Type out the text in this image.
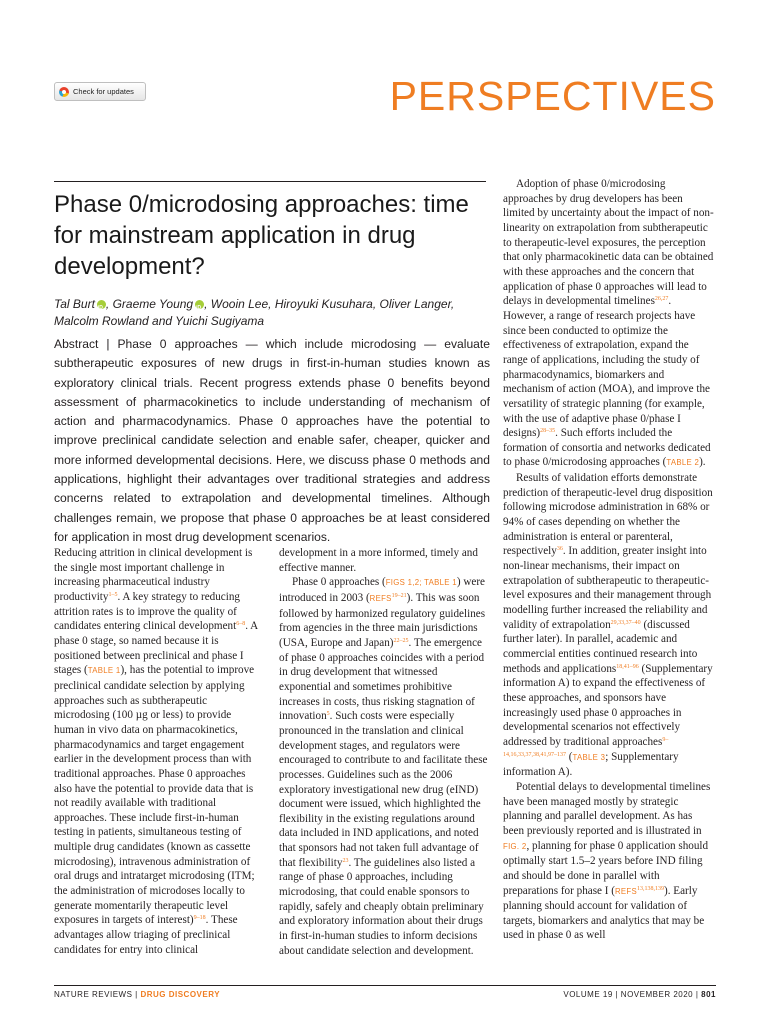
Check for updates	PERSPECTIVES
Phase 0/microdosing approaches: time for mainstream application in drug development?
Tal Burt iD , Graeme Young iD , Wooin Lee, Hiroyuki Kusuhara, Oliver Langer, Malcolm Rowland and Yuichi Sugiyama
Abstract | Phase 0 approaches — which include microdosing — evaluate subtherapeutic exposures of new drugs in first-in-human studies known as exploratory clinical trials. Recent progress extends phase 0 benefits beyond assessment of pharmacokinetics to include understanding of mechanism of action and pharmacodynamics. Phase 0 approaches have the potential to improve preclinical candidate selection and enable safer, cheaper, quicker and more informed developmental decisions. Here, we discuss phase 0 methods and applications, highlight their advantages over traditional strategies and address concerns related to extrapolation and developmental timelines. Although challenges remain, we propose that phase 0 approaches be at least considered for application in most drug development scenarios.

Reducing attrition in clinical development is the single most important challenge in increasing pharmaceutical industry productivity$^{1-5}$. A key strategy to reducing attrition rates is to improve the quality of candidates entering clinical development$^{6-8}$. A phase 0 stage, so named because it is positioned between preclinical and phase I stages (TABLE 1), has the potential to improve preclinical candidate selection by applying approaches such as subtherapeutic microdosing (100 µg or less) to provide human in vivo data on pharmacokinetics, pharmacodynamics and target engagement earlier in the development process than with traditional approaches. Phase 0 approaches also have the potential to provide data that is not readily available with traditional approaches. These include first-in-human testing in patients, simultaneous testing of multiple drug candidates (known as cassette microdosing), intravenous administration of oral drugs and intratarget microdosing (ITM; the administration of microdoses locally to generate momentarily therapeutic level exposures in targets of interest)$^{9-18}$. These advantages allow triaging of preclinical candidates for entry into clinical

development in a more informed, timely and effective manner.

Phase 0 approaches (FIGS 1,2; TABLE 1) were introduced in 2003 (REFS$^{19-21}$). This was soon followed by harmonized regulatory guidelines from agencies in the three main jurisdictions (USA, Europe and Japan)$^{22-25}$. The emergence of phase 0 approaches coincides with a period in drug development that witnessed exponential and sometimes prohibitive increases in costs, thus risking stagnation of innovation$^5$. Such costs were especially pronounced in the translation and clinical development stages, and regulators were encouraged to contribute to and facilitate these processes. Guidelines such as the 2006 exploratory investigational new drug (eIND) document were issued, which highlighted the flexibility in the existing regulations around data included in IND applications, and noted that sponsors had not taken full advantage of that flexibility$^{23}$. The guidelines also listed a range of phase 0 approaches, including microdosing, that could enable sponsors to rapidly, safely and cheaply obtain preliminary and exploratory information about their drugs in first-in-human studies to inform decisions about candidate selection and development.

Adoption of phase 0/microdosing approaches by drug developers has been limited by uncertainty about the impact of non-linearity on extrapolation from subtherapeutic to therapeutic-level exposures, the perception that only pharmacokinetic data can be obtained with these approaches and the concern that application of phase 0 approaches will lead to delays in developmental timelines$^{26,27}$. However, a range of research projects have since been conducted to optimize the effectiveness of extrapolation, expand the range of applications, including the study of pharmacodynamics, biomarkers and mechanism of action (MOA), and improve the versatility of strategic planning (for example, with the use of adaptive phase 0/phase I designs)$^{28-35}$. Such efforts included the formation of consortia and networks dedicated to phase 0/microdosing approaches (TABLE 2).

Results of validation efforts demonstrate prediction of therapeutic-level drug disposition following microdose administration in 68% or 94% of cases depending on whether the administration is enteral or parenteral, respectively$^{36}$. In addition, greater insight into non-linear mechanisms, their impact on extrapolation of subtherapeutic to therapeutic-level exposures and their management through modelling further increased the reliability and validity of extrapolation$^{29,33,37-40}$ (discussed further later). In parallel, academic and commercial entities continued research into methods and applications$^{18,41-96}$ (Supplementary information A) to expand the effectiveness of these approaches, and sponsors have increasingly used phase 0 approaches in developmental scenarios not effectively addressed by traditional approaches$^{9-14,16,33,37,38,41,97-137}$ (TABLE 3; Supplementary information A).

Potential delays to developmental timelines have been managed mostly by strategic planning and parallel development. As has been previously reported and is illustrated in FIG. 2, planning for phase 0 application should optimally start 1.5–2 years before IND filing and should be done in parallel with preparations for phase I (REFS$^{13,138,139}$). Early planning should account for validation of targets, biomarkers and analytics that may be used in phase 0 as well

NATURE REVIEWS | DRUG DISCOVERY	VOLUME 19 | NOVEMBER 2020 | 801
